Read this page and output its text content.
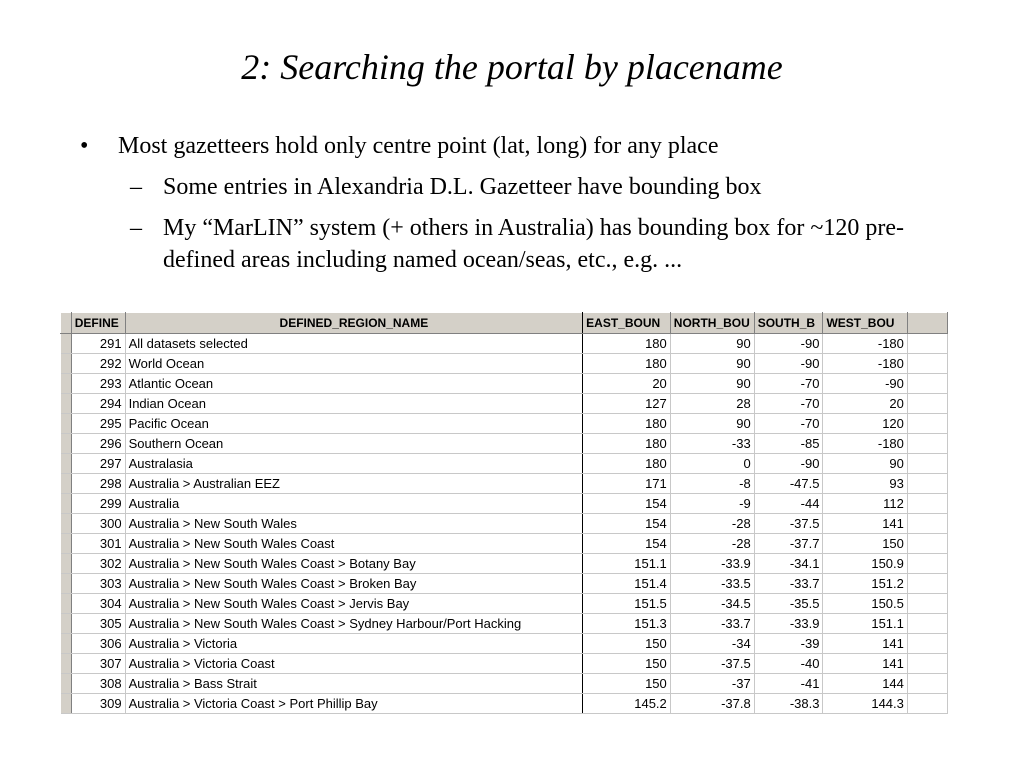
2: Searching the portal by placename
• Most gazetteers hold only centre point (lat, long) for any place
– Some entries in Alexandria D.L. Gazetteer have bounding box
– My “MarLIN” system (+ others in Australia) has bounding box for ~120 pre-defined areas including named ocean/seas, etc., e.g. ...
	DEFINE	DEFINED_REGION_NAME	EAST_BOUN	NORTH_BOU	SOUTH_B	WEST_BOU	
	291	All datasets selected	180	90	-90	-180	
	292	World Ocean	180	90	-90	-180	
	293	Atlantic Ocean	20	90	-70	-90	
	294	Indian Ocean	127	28	-70	20	
	295	Pacific Ocean	180	90	-70	120	
	296	Southern Ocean	180	-33	-85	-180	
	297	Australasia	180	0	-90	90	
	298	Australia > Australian EEZ	171	-8	-47.5	93	
	299	Australia	154	-9	-44	112	
	300	Australia > New South Wales	154	-28	-37.5	141	
	301	Australia > New South Wales Coast	154	-28	-37.7	150	
	302	Australia > New South Wales Coast > Botany Bay	151.1	-33.9	-34.1	150.9	
	303	Australia > New South Wales Coast > Broken Bay	151.4	-33.5	-33.7	151.2	
	304	Australia > New South Wales Coast > Jervis Bay	151.5	-34.5	-35.5	150.5	
	305	Australia > New South Wales Coast > Sydney Harbour/Port Hacking	151.3	-33.7	-33.9	151.1	
	306	Australia > Victoria	150	-34	-39	141	
	307	Australia > Victoria Coast	150	-37.5	-40	141	
	308	Australia > Bass Strait	150	-37	-41	144	
	309	Australia > Victoria Coast > Port Phillip Bay	145.2	-37.8	-38.3	144.3	
